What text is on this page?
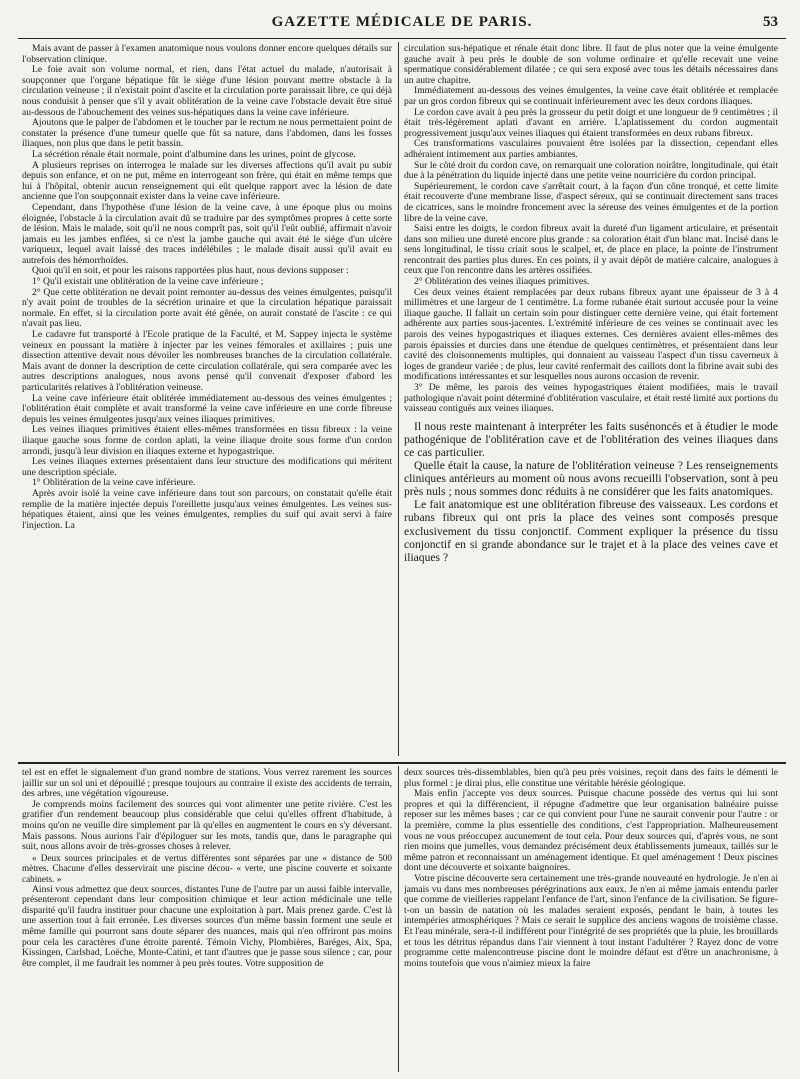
GAZETTE MÉDICALE DE PARIS.	53

Mais avant de passer à l'examen anatomique nous voulons donner encore quelques détails sur l'observation clinique.

Le foie avait son volume normal, et rien, dans l'état actuel du malade, n'autorisait à soupçonner que l'organe hépatique fût le siége d'une lésion pouvant mettre obstacle à la circulation veineuse ; il n'existait point d'ascite et la circulation porte paraissait libre, ce qui déjà nous conduisit à penser que s'il y avait oblitération de la veine cave l'obstacle devait être situé au-dessous de l'abouchement des veines sus-hépatiques dans la veine cave inférieure.

Ajoutons que le palper de l'abdomen et le toucher par le rectum ne nous permettaient point de constater la présence d'une tumeur quelle que fût sa nature, dans l'abdomen, dans les fosses iliaques, non plus que dans le petit bassin.

La sécrétion rénale était normale, point d'albumine dans les urines, point de glycose.

A plusieurs reprises on interrogea le malade sur les diverses affections qu'il avait pu subir depuis son enfance, et on ne put, même en interrogeant son frère, qui était en même temps que lui à l'hôpital, obtenir aucun renseignement qui eût quelque rapport avec la lésion de date ancienne que l'on soupçonnait exister dans la veine cave inférieure.

Cependant, dans l'hypothèse d'une lésion de la veine cave, à une époque plus ou moins éloignée, l'obstacle à la circulation avait dû se traduire par des symptômes propres à cette sorte de lésion. Mais le malade, soit qu'il ne nous comprît pas, soit qu'il l'eût oublié, affirmait n'avoir jamais eu les jambes enflées, si ce n'est la jambe gauche qui avait été le siége d'un ulcère variqueux, lequel avait laissé des traces indélébiles ; le malade disait aussi qu'il avait eu autrefois des hémorrhoïdes.

Quoi qu'il en soit, et pour les raisons rapportées plus haut, nous devions supposer :

1° Qu'il existait une oblitération de la veine cave inférieure ;

2° Que cette oblitération ne devait point remonter au-dessus des veines émulgentes, puisqu'il n'y avait point de troubles de la sécrétion urinaire et que la circulation hépatique paraissait normale. En effet, si la circulation porte avait été gênée, on aurait constaté de l'ascite : ce qui n'avait pas lieu.

Le cadavre fut transporté à l'Ecole pratique de la Faculté, et M. Sappey injecta le système veineux en poussant la matière à injecter par les veines fémorales et axillaires ; puis une dissection attentive devait nous dévoiler les nombreuses branches de la circulation collatérale. Mais avant de donner la description de cette circulation collatérale, qui sera comparée avec les autres descriptions analogues, nous avons pensé qu'il convenait d'exposer d'abord les particularités relatives à l'oblitération veineuse.

La veine cave inférieure était oblitérée immédiatement au-dessous des veines émulgentes ; l'oblitération était complète et avait transformé la veine cave inférieure en une corde fibreuse depuis les veines émulgentes jusqu'aux veines iliaques primitives.

Les veines iliaques primitives étaient elles-mêmes transformées en tissu fibreux : la veine iliaque gauche sous forme de cordon aplati, la veine iliaque droite sous forme d'un cordon arrondi, jusqu'à leur division en iliaques externe et hypogastrique.

Les veines iliaques externes présentaient dans leur structure des modifications qui méritent une description spéciale.

1° Oblitération de la veine cave inférieure.

Après avoir isolé la veine cave inférieure dans tout son parcours, on constatait qu'elle était remplie de la matière injectée depuis l'oreillette jusqu'aux veines émulgentes. Les veines sus-hépatiques étaient, ainsi que les veines émulgentes, remplies du suif qui avait servi à faire l'injection. La

circulation sus-hépatique et rénale était donc libre. Il faut de plus noter que la veine émulgente gauche avait à peu près le double de son volume ordinaire et qu'elle recevait une veine spermatique considérablement dilatée ; ce qui sera exposé avec tous les détails nécessaires dans un autre chapitre.

Immédiatement au-dessous des veines émulgentes, la veine cave était oblitérée et remplacée par un gros cordon fibreux qui se continuait inférieurement avec les deux cordons iliaques.

Le cordon cave avait à peu près la grosseur du petit doigt et une longueur de 9 centimètres ; il était très-légèrement aplati d'avant en arrière. L'aplatissement du cordon augmentait progressivement jusqu'aux veines iliaques qui étaient transformées en deux rubans fibreux.

Ces transformations vasculaires pouvaient être isolées par la dissection, cependant elles adhéraient intimement aux parties ambiantes.

Sur le côté droit du cordon cave, on remarquait une coloration noirâtre, longitudinale, qui était due à la pénétration du liquide injecté dans une petite veine nourricière du cordon principal.

Supérieurement, le cordon cave s'arrêtait court, à la façon d'un cône tronqué, et cette limite était recouverte d'une membrane lisse, d'aspect séreux, qui se continuait directement sans traces de cicatrices, sans le moindre froncement avec la séreuse des veines émulgentes et de la portion libre de la veine cave.

Saisi entre les doigts, le cordon fibreux avait la dureté d'un ligament articulaire, et présentait dans son milieu une dureté encore plus grande : sa coloration était d'un blanc mat. Incisé dans le sens longitudinal, le tissu criait sous le scalpel, et, de place en place, la pointe de l'instrument rencontrait des parties plus dures. En ces points, il y avait dépôt de matière calcaire, analogues à ceux que l'on rencontre dans les artères ossifiées.

2° Oblitération des veines iliaques primitives.

Ces deux veines étaient remplacées par deux rubans fibreux ayant une épaisseur de 3 à 4 millimètres et une largeur de 1 centimètre. La forme rubanée était surtout accusée pour la veine iliaque gauche. Il fallait un certain soin pour distinguer cette dernière veine, qui était fortement adhérente aux parties sous-jacentes. L'extrémité inférieure de ces veines se continuait avec les parois des veines hypogastriques et iliaques externes. Ces dernières avaient elles-mêmes des parois épaissies et durcies dans une étendue de quelques centimètres, et présentaient dans leur cavité des cloisonnements multiples, qui donnaient au vaisseau l'aspect d'un tissu caverneux à loges de grandeur variée ; de plus, leur cavité renfermait des caillots dont la fibrine avait subi des modifications intéressantes et sur lesquelles nous aurons occasion de revenir.

3° De même, les parois des veines hypogastriques étaient modifiées, mais le travail pathologique n'avait point déterminé d'oblitération vasculaire, et était resté limité aux portions du vaisseau contiguës aux veines iliaques.

Il nous reste maintenant à interpréter les faits susénoncés et à étudier le mode pathogénique de l'oblitération cave et de l'oblitération des veines iliaques dans ce cas particulier.

Quelle était la cause, la nature de l'oblitération veineuse ? Les renseignements cliniques antérieurs au moment où nous avons recueilli l'observation, sont à peu près nuls ; nous sommes donc réduits à ne considérer que les faits anatomiques.

Le fait anatomique est une oblitération fibreuse des vaisseaux. Les cordons et rubans fibreux qui ont pris la place des veines sont composés presque exclusivement du tissu conjonctif. Comment expliquer la présence du tissu conjonctif en si grande abondance sur le trajet et à la place des veines cave et iliaques ?

tel est en effet le signalement d'un grand nombre de stations. Vous verrez rarement les sources jaillir sur un sol uni et dépouillé ; presque toujours au contraire il existe des accidents de terrain, des arbres, une végétation vigoureuse.

Je comprends moins facilement des sources qui vont alimenter une petite rivière. C'est les gratifier d'un rendement beaucoup plus considérable que celui qu'elles offrent d'habitude, à moins qu'on ne veuille dire simplement par là qu'elles en augmentent le cours en s'y déversant. Mais passons. Nous aurions l'air d'épiloguer sur les mots, tandis que, dans le paragraphe qui suit, nous allons avoir de très-grosses choses à relever.

« Deux sources principales et de vertus différentes sont séparées par une « distance de 500 mètres. Chacune d'elles desservirait une piscine décou- « verte, une piscine couverte et soixante cabinets. »

Ainsi vous admettez que deux sources, distantes l'une de l'autre par un aussi faible intervalle, présenteront cependant dans leur composition chimique et leur action médicinale une telle disparité qu'il faudra instituer pour chacune une exploitation à part. Mais prenez garde. C'est là une assertion tout à fait erronée. Les diverses sources d'un même bassin forment une seule et même famille qui pourront sans doute séparer des nuances, mais qui n'en offriront pas moins pour cela les caractères d'une étroite parenté. Témoin Vichy, Plombières, Baréges, Aix, Spa, Kissingen, Carlsbad, Loëche, Monte-Catini, et tant d'autres que je passe sous silence ; car, pour être complet, il me faudrait les nommer à peu près toutes. Votre supposition de

deux sources très-dissemblables, bien qu'à peu près voisines, reçoit dans des faits le démenti le plus formel : je dirai plus, elle constitue une véritable hérésie géologique.

Mais enfin j'accepte vos deux sources. Puisque chacune possède des vertus qui lui sont propres et qui la différencient, il répugne d'admettre que leur organisation balnéaire puisse reposer sur les mêmes bases ; car ce qui convient pour l'une ne saurait convenir pour l'autre : or la première, comme la plus essentielle des conditions, c'est l'appropriation. Malheureusement vous ne vous préoccupez aucunement de tout cela. Pour deux sources qui, d'après vous, ne sont rien moins que jumelles, vous demandez précisément deux établissements jumeaux, taillés sur le même patron et reconnaissant un aménagement identique. Et quel aménagement ! Deux piscines dont une découverte et soixante baignoires.

Votre piscine découverte sera certainement une très-grande nouveauté en hydrologie. Je n'en ai jamais vu dans mes nombreuses pérégrinations aux eaux. Je n'en ai même jamais entendu parler que comme de vieilleries rappelant l'enfance de l'art, sinon l'enfance de la civilisation. Se figure-t-on un bassin de natation où les malades seraient exposés, pendant le bain, à toutes les intempéries atmosphériques ? Mais ce serait le supplice des anciens wagons de troisième classe. Et l'eau minérale, sera-t-il indifférent pour l'intégrité de ses propriétés que la pluie, les brouillards et tous les détritus répandus dans l'air viennent à tout instant l'adultérer ? Rayez donc de votre programme cette malencontreuse piscine dont le moindre défaut est d'être un anachronisme, à moins toutefois que vous n'aimiez mieux la faire
